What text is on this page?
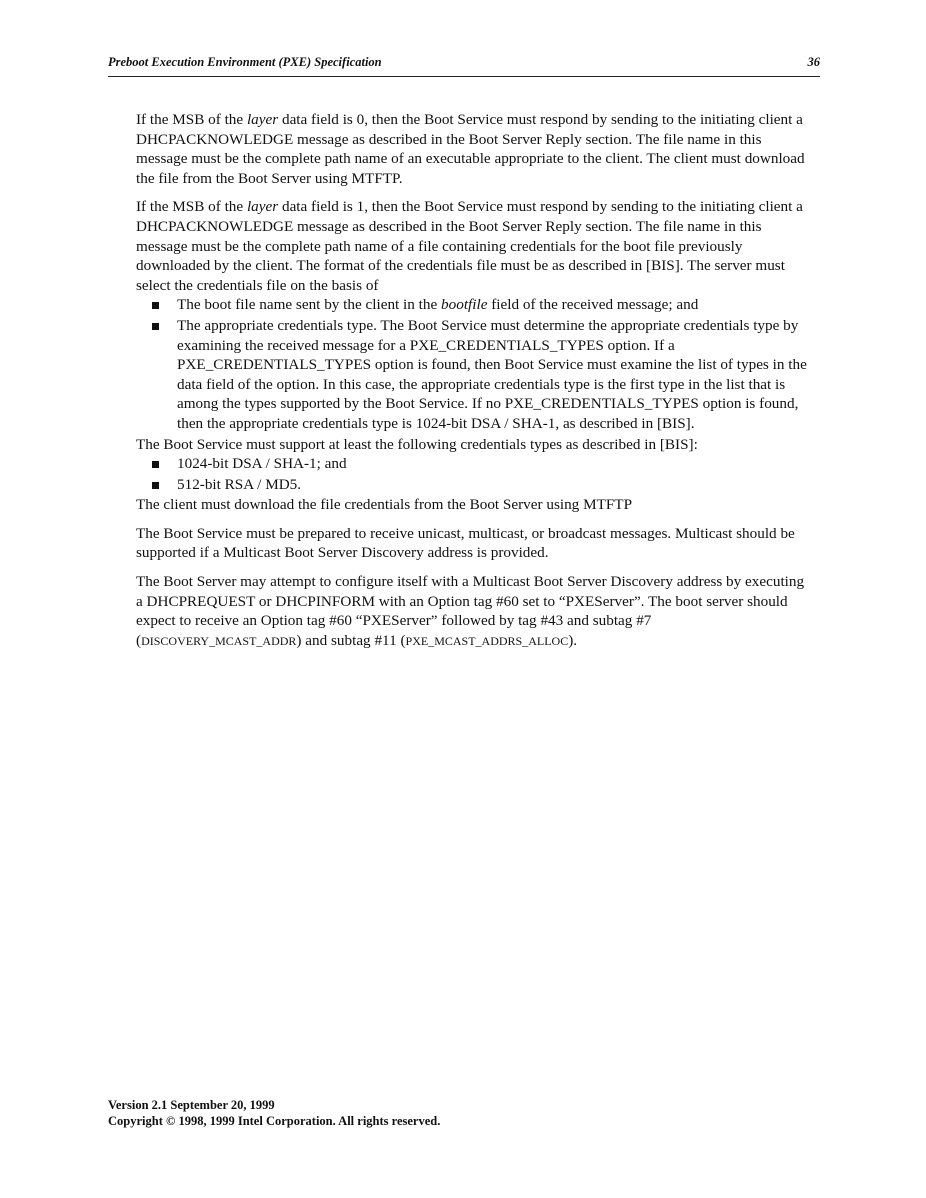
Preboot Execution Environment (PXE) Specification	36

If the MSB of the layer data field is 0, then the Boot Service must respond by sending to the initiating client a DHCPACKNOWLEDGE message as described in the Boot Server Reply section. The file name in this message must be the complete path name of an executable appropriate to the client. The client must download the file from the Boot Server using MTFTP.

If the MSB of the layer data field is 1, then the Boot Service must respond by sending to the initiating client a DHCPACKNOWLEDGE message as described in the Boot Server Reply section. The file name in this message must be the complete path name of a file containing credentials for the boot file previously downloaded by the client. The format of the credentials file must be as described in [BIS]. The server must select the credentials file on the basis of

The boot file name sent by the client in the bootfile field of the received message; and
The appropriate credentials type. The Boot Service must determine the appropriate credentials type by examining the received message for a PXE_CREDENTIALS_TYPES option. If a PXE_CREDENTIALS_TYPES option is found, then Boot Service must examine the list of types in the data field of the option. In this case, the appropriate credentials type is the first type in the list that is among the types supported by the Boot Service. If no PXE_CREDENTIALS_TYPES option is found, then the appropriate credentials type is 1024-bit DSA / SHA-1, as described in [BIS].

The Boot Service must support at least the following credentials types as described in [BIS]:

1024-bit DSA / SHA-1; and
512-bit RSA / MD5.

The client must download the file credentials from the Boot Server using MTFTP

The Boot Service must be prepared to receive unicast, multicast, or broadcast messages. Multicast should be supported if a Multicast Boot Server Discovery address is provided.

The Boot Server may attempt to configure itself with a Multicast Boot Server Discovery address by executing a DHCPREQUEST or DHCPINFORM with an Option tag #60 set to “PXEServer”. The boot server should expect to receive an Option tag #60 “PXEServer” followed by tag #43 and subtag #7 (DISCOVERY_MCAST_ADDR) and subtag #11 (PXE_MCAST_ADDRS_ALLOC).

Version 2.1 September 20, 1999
Copyright © 1998, 1999 Intel Corporation. All rights reserved.
